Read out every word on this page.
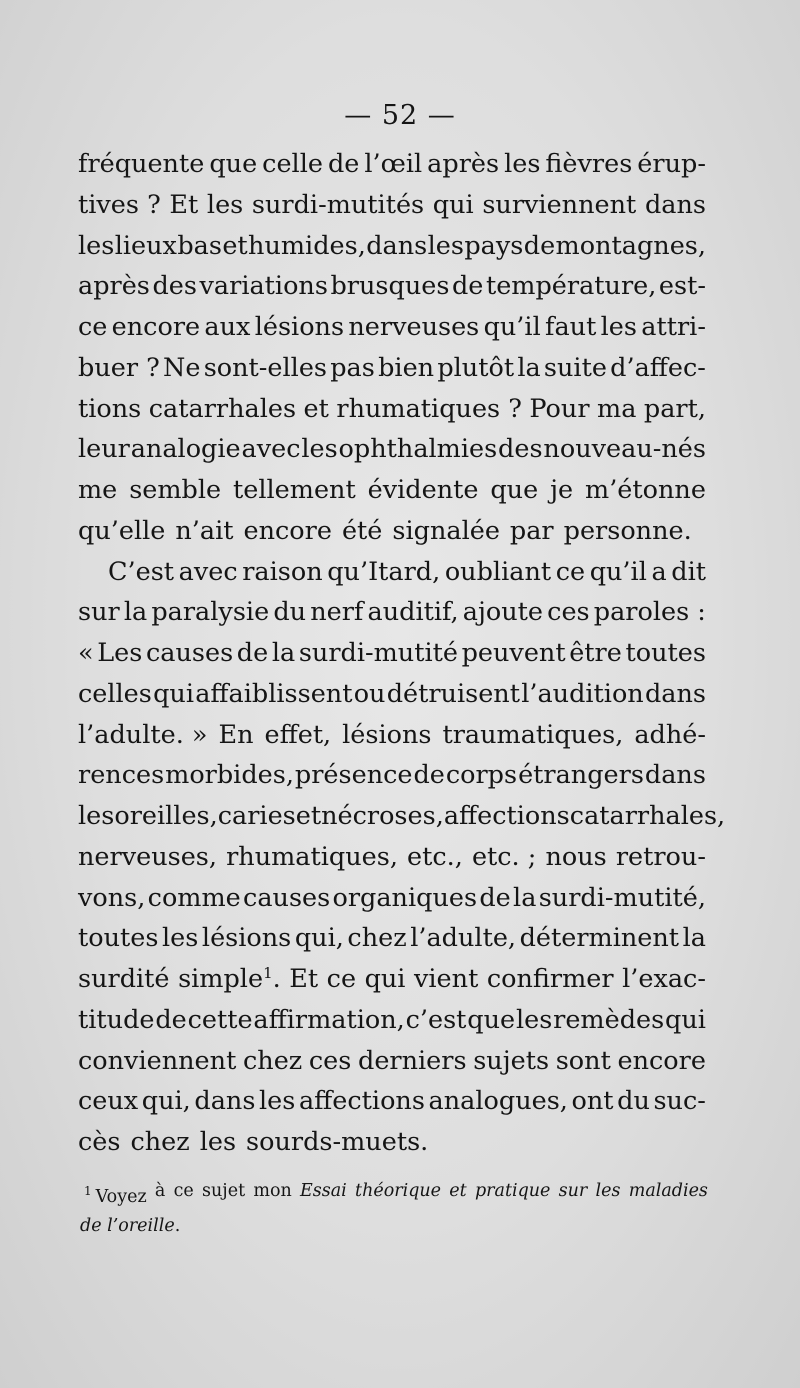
— 52 —
fréquente que celle de l’œil après les fièvres érup-
tives ? Et les surdi-mutités qui surviennent dans
les lieux bas et humides, dans les pays de montagnes,
après des variations brusques de température, est-
ce encore aux lésions nerveuses qu’il faut les attri-
buer ? Ne sont-elles pas bien plutôt la suite d’affec-
tions catarrhales et rhumatiques ? Pour ma part,
leur analogie avec les ophthalmies des nouveau-nés
me semble tellement évidente que je m’étonne
qu’elle n’ait encore été signalée par personne.
C’est avec raison qu’Itard, oubliant ce qu’il a dit
sur la paralysie du nerf auditif, ajoute ces paroles :
« Les causes de la surdi-mutité peuvent être toutes
celles qui affaiblissent ou détruisent l’audition dans
l’adulte. » En effet, lésions traumatiques, adhé-
rences morbides, présence de corps étrangers dans
les oreilles, caries et nécroses, affections catarrhales,
nerveuses, rhumatiques, etc., etc. ; nous retrou-
vons, comme causes organiques de la surdi-mutité,
toutes les lésions qui, chez l’adulte, déterminent la
surdité simple$^1$. Et ce qui vient confirmer l’exac-
titude de cette affirmation, c’est que les remèdes qui
conviennent chez ces derniers sujets sont encore
ceux qui, dans les affections analogues, ont du suc-
cès chez les sourds-muets.
$^1$ Voyez à ce sujet mon Essai théorique et pratique sur les maladies
de l’oreille .
